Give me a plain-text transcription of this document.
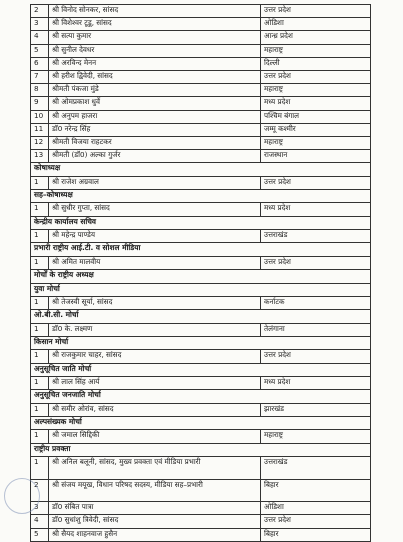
2	श्री विनोद सोनकर, सांसद	उत्तर प्रदेश
3	श्री विशेश्वर टूडू, सांसद	ओडिशा
4	श्री सत्या कुमार	आन्ध्र प्रदेश
5	श्री सुनील देवधर	महाराष्ट्र
6	श्री अरविन्द मेनन	दिल्ली
7	श्री हरीश द्विवेदी, सांसद	उत्तर प्रदेश
8	श्रीमती पंकजा मुंडे	महाराष्ट्र
9	श्री ओमप्रकाश धुर्वे	मध्य प्रदेश
10	श्री अनुपम हाजरा	पश्चिम बंगाल
11	डॉ0 नरेन्द्र सिंह	जम्मू कश्मीर
12	श्रीमती विजया राहटकर	महाराष्ट्र
13	श्रीमती (डॉ0) अल्का गुर्जर	राजस्थान
कोषाध्यक्ष		
1	श्री राजेश अग्रवाल	उत्तर प्रदेश
सह–कोषाध्यक्ष		
1	श्री सुधीर गुप्ता, सांसद	मध्य प्रदेश
केन्द्रीय कार्यालय सचिव		
1	श्री महेन्द्र पाण्डेय	उत्तराखंड
प्रभारी राष्ट्रीय आई.टी. व सोशल मीडिया		
1	श्री अमित मालवीय	उत्तर प्रदेश
मोर्चों के राष्ट्रीय अध्यक्ष		
युवा मोर्चा		
1	श्री तेजस्वी सूर्या, सांसद	कर्नाटक
ओ.बी.सी. मोर्चा		
1	डॉ0 के. लक्ष्मण	तेलंगाना
किसान मोर्चा		
1	श्री राजकुमार चाहर, सांसद	उत्तर प्रदेश
अनुसूचित जाति मोर्चा		
1	श्री लाल सिंह आर्य	मध्य प्रदेश
अनुसूचित जनजाति मोर्चा		
1	श्री समीर ओरांव, सांसद	झारखंड
अल्पसंख्यक मोर्चा		
1	श्री जमाल सिद्दिकी	महाराष्ट्र
राष्ट्रीय प्रवक्ता		
1	श्री अनिल बलूनी, सांसद, मुख्य प्रवक्ता एवं मीडिया प्रभारी	उत्तराखंड
2	श्री संजय मयूख, विधान परिषद सदस्य, मीडिया सह–प्रभारी	बिहार
3	डॉ0 संबित पात्रा	ओडिशा
4	डॉ0 सुधांशु त्रिवेदी, सांसद	उत्तर प्रदेश
5	श्री सैयद शाहनवाज हुसैन	बिहार
